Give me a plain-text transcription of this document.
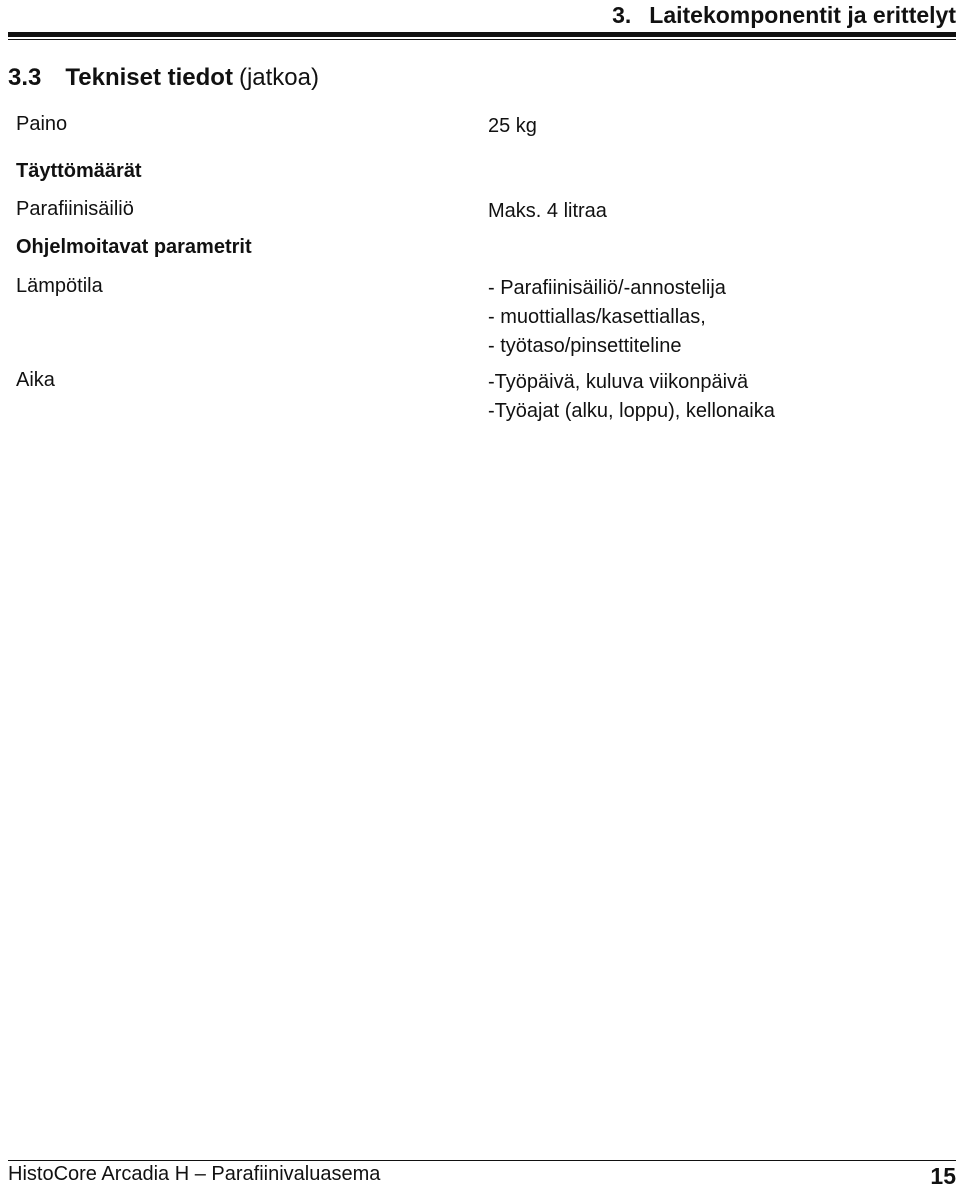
3. Laitekomponentit ja erittelyt
3.3 Tekniset tiedot (jatkoa)
Paino	25 kg
Täyttömäärät
Parafiinisäiliö	Maks. 4 litraa
Ohjelmoitavat parametrit
Lämpötila	- Parafiinisäiliö/-annostelija
- muottiallas/kasettiallas,
- työtaso/pinsettiteline
Aika	-Työpäivä, kuluva viikonpäivä
-Työajat (alku, loppu), kellonaika
HistoCore Arcadia H – Parafiinivaluasema	15
